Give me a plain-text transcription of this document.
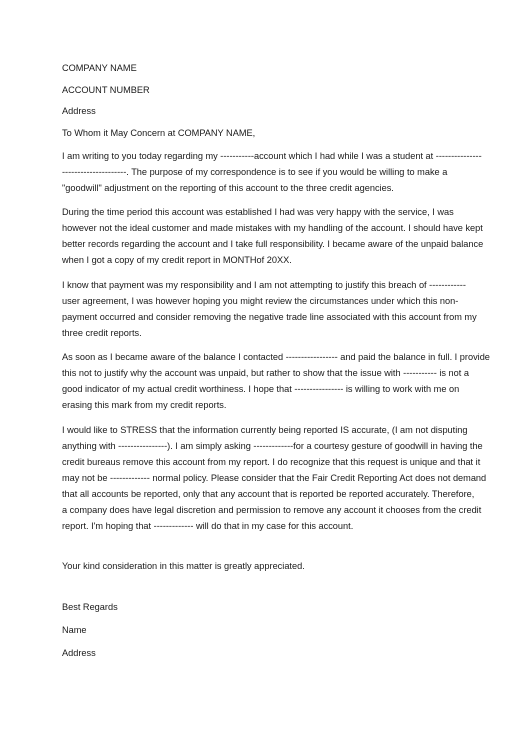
COMPANY NAME

ACCOUNT NUMBER

Address

To Whom it May Concern at COMPANY NAME,

I am writing to you today regarding my -----------account which I had while I was a student at ---------------
---------------------. The purpose of my correspondence is to see if you would be willing to make a
"goodwill" adjustment on the reporting of this account to the three credit agencies.
During the time period this account was established I had was very happy with the service, I was
however not the ideal customer and made mistakes with my handling of the account. I should have kept
better records regarding the account and I take full responsibility. I became aware of the unpaid balance
when I got a copy of my credit report in MONTHof 20XX.
I know that payment was my responsibility and I am not attempting to justify this breach of ------------
user agreement, I was however hoping you might review the circumstances under which this non-
payment occurred and consider removing the negative trade line associated with this account from my
three credit reports.
As soon as I became aware of the balance I contacted ----------------- and paid the balance in full. I provide
this not to justify why the account was unpaid, but rather to show that the issue with ----------- is not a
good indicator of my actual credit worthiness. I hope that ---------------- is willing to work with me on
erasing this mark from my credit reports.
I would like to STRESS that the information currently being reported IS accurate, (I am not disputing
anything with ----------------). I am simply asking -------------for a courtesy gesture of goodwill in having the
credit bureaus remove this account from my report. I do recognize that this request is unique and that it
may not be ------------- normal policy. Please consider that the Fair Credit Reporting Act does not demand
that all accounts be reported, only that any account that is reported be reported accurately. Therefore,
a company does have legal discretion and permission to remove any account it chooses from the credit
report. I'm hoping that ------------- will do that in my case for this account.

Your kind consideration in this matter is greatly appreciated.

Best Regards

Name

Address
